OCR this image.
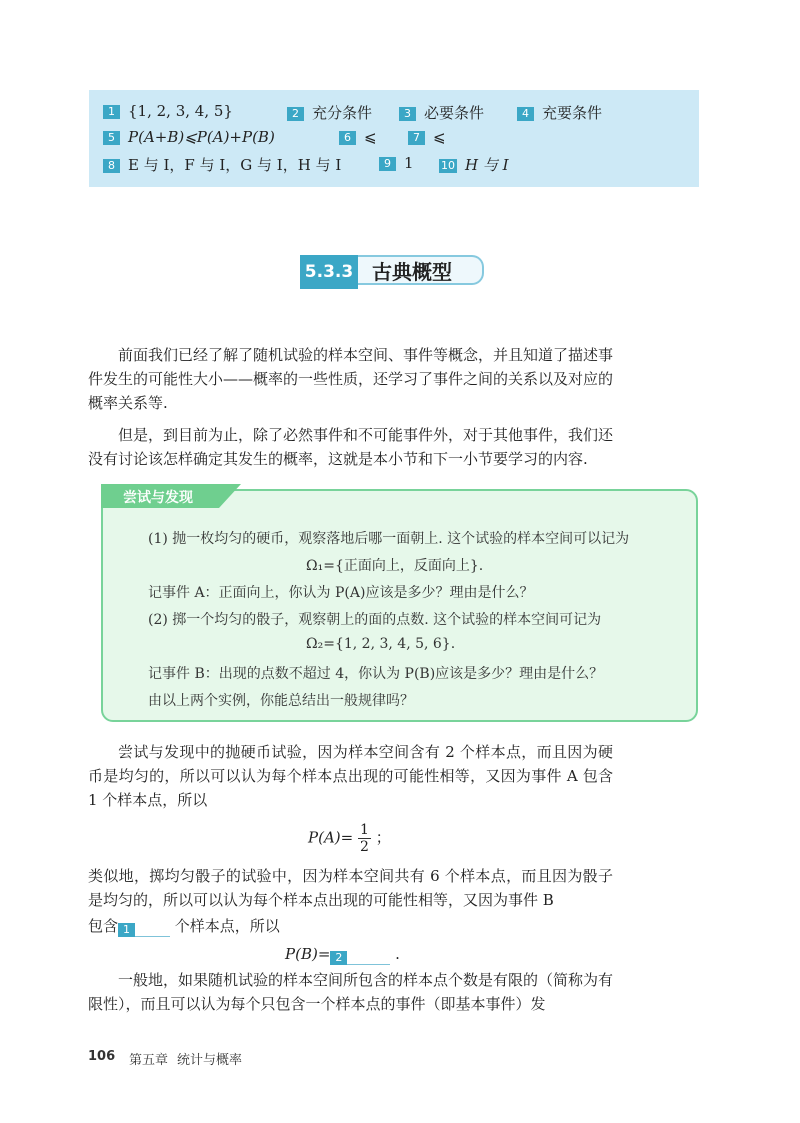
1 {1, 2, 3, 4, 5}	2 充分条件	3 必要条件	4 充要条件
5 P(A+B)⩽P(A)+P(B)	6 ⩽	7 ⩽
8 E 与 I，F 与 I，G 与 I，H 与 I	9 1 10 H 与 I
5.3.3 古典概型
前面我们已经了解了随机试验的样本空间、事件等概念，并且知道了描述事件发生的可能性大小——概率的一些性质，还学习了事件之间的关系以及对应的概率关系等.
但是，到目前为止，除了必然事件和不可能事件外，对于其他事件，我们还没有讨论该怎样确定其发生的概率，这就是本小节和下一小节要学习的内容.
尝试与发现
(1) 抛一枚均匀的硬币，观察落地后哪一面朝上. 这个试验的样本空间可以记为
Ω₁={正面向上，反面向上}.
记事件 A：正面向上，你认为 P(A)应该是多少？理由是什么？
(2) 掷一个均匀的骰子，观察朝上的面的点数. 这个试验的样本空间可记为
Ω₂={1, 2, 3, 4, 5, 6}.
记事件 B：出现的点数不超过 4，你认为 P(B)应该是多少？理由是什么？
由以上两个实例，你能总结出一般规律吗？
尝试与发现中的抛硬币试验，因为样本空间含有 2 个样本点，而且因为硬币是均匀的，所以可以认为每个样本点出现的可能性相等，又因为事件 A 包含 1 个样本点，所以
$P(A)= \frac{1}{2}$ ；
类似地，掷均匀骰子的试验中，因为样本空间共有 6 个样本点，而且因为骰子是均匀的，所以可以认为每个样本点出现的可能性相等，又因为事件 B
包含 1	个样本点，所以
P(B)= 2	.
一般地，如果随机试验的样本空间所包含的样本点个数是有限的（简称为有限性），而且可以认为每个只包含一个样本点的事件（即基本事件）发
106 第五章 统计与概率
